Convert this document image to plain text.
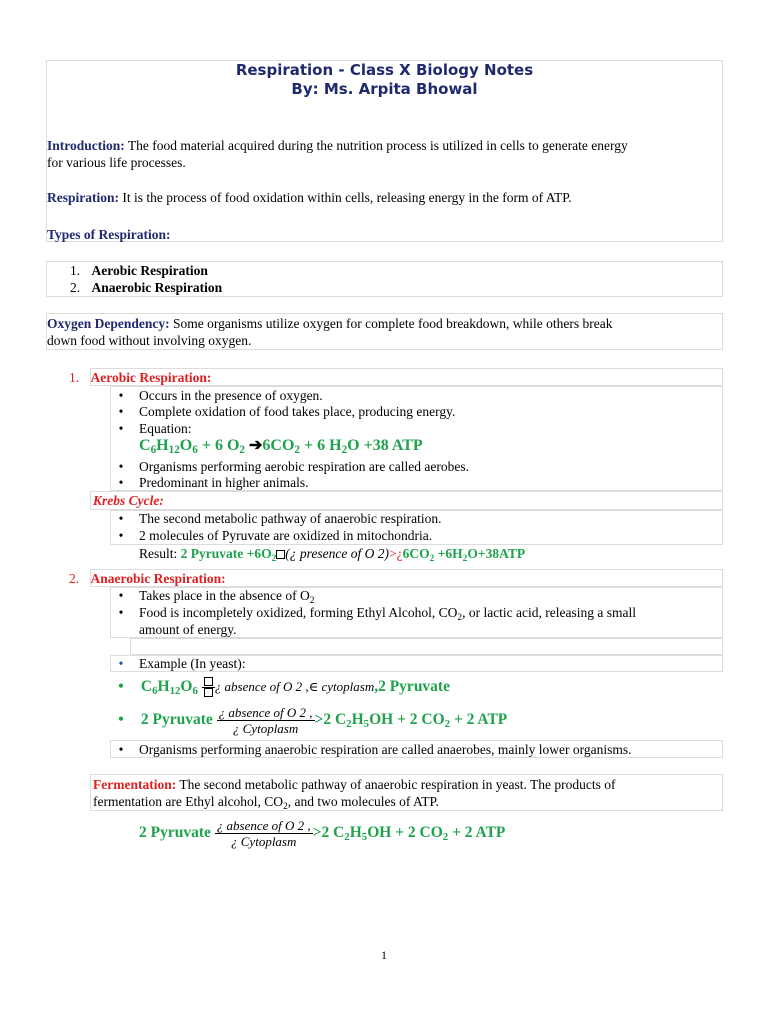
Respiration - Class X Biology Notes
By: Ms. Arpita Bhowal
Introduction: The food material acquired during the nutrition process is utilized in cells to generate energy
for various life processes.
Respiration: It is the process of food oxidation within cells, releasing energy in the form of ATP.
Types of Respiration:
1. Aerobic Respiration
2. Anaerobic Respiration
Oxygen Dependency: Some organisms utilize oxygen for complete food breakdown, while others break
down food without involving oxygen.
1. Aerobic Respiration:
• Occurs in the presence of oxygen.
• Complete oxidation of food takes place, producing energy.
• Equation:
$C_6H_{12}O_6 + 6$ $O_2$ $➔6CO_2 + 6$ $H_2O +38$ ATP
• Organisms performing aerobic respiration are called aerobes.
• Predominant in higher animals.
Krebs Cycle:
• The second metabolic pathway of anaerobic respiration.
• 2 molecules of Pyruvate are oxidized in mitochondria.
Result: 2 Pyruvate $+6O_2$ (¿ presence of O $2)>¿6CO_2 +6H_2O+38ATP$
2. Anaerobic Respiration:
• Takes place in the absence of $O_2$
• Food is incompletely oxidized, forming Ethyl Alcohol, $CO_2$, or lactic acid, releasing a small
amount of energy.
• Example (In yeast):
• $C_6H_{12}O_6$ ¿ absence of O 2 ,∈ cytoplasm,2 Pyruvate
• 2 Pyruvate $\frac{\text{¿ absence of O 2 ,}}{\text{¿ Cytoplasm}} >2$ $C_2H_5OH + 2$ $CO_2 + 2$ ATP
• Organisms performing anaerobic respiration are called anaerobes, mainly lower organisms.
Fermentation: The second metabolic pathway of anaerobic respiration in yeast. The products of
fermentation are Ethyl alcohol, $CO_2$, and two molecules of ATP.
2 Pyruvate $\frac{\text{¿ absence of O 2 ,}}{\text{¿ Cytoplasm}} >2$ $C_2H_5OH + 2$ $CO_2 + 2$ ATP
1
